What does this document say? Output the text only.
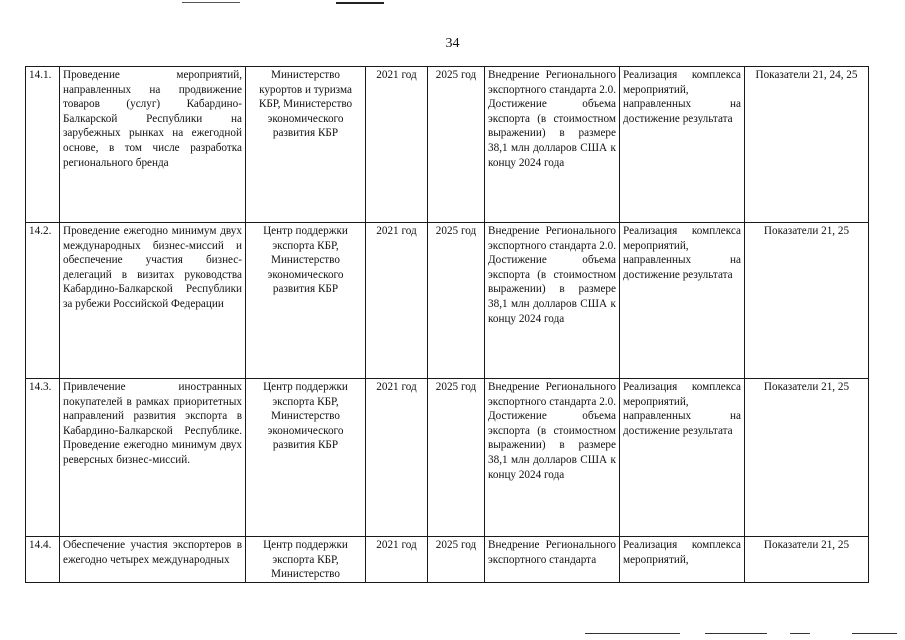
34
14.1.	Проведение мероприятий, направленных на продвижение товаров (услуг) Кабардино-Балкарской Республики на зарубежных рынках на ежегодной основе, в том числе разработка регионального бренда	Министерство курортов и туризма КБР, Министерство экономического развития КБР	2021 год	2025 год	Внедрение Регионального экспортного стандарта 2.0. Достижение объема экспорта (в стоимостном выражении) в размере 38,1 млн долларов США к концу 2024 года	Реализация комплекса мероприятий, направленных на достижение результата	Показатели 21, 24, 25
14.2.	Проведение ежегодно минимум двух международных бизнес-миссий и обеспечение участия бизнес-делегаций в визитах руководства Кабардино-Балкарской Республики за рубежи Российской Федерации	Центр поддержки экспорта КБР, Министерство экономического развития КБР	2021 год	2025 год	Внедрение Регионального экспортного стандарта 2.0. Достижение объема экспорта (в стоимостном выражении) в размере 38,1 млн долларов США к концу 2024 года	Реализация комплекса мероприятий, направленных на достижение результата	Показатели 21, 25
14.3.	Привлечение иностранных покупателей в рамках приоритетных направлений развития экспорта в Кабардино-Балкарской Республике. Проведение ежегодно минимум двух реверсных бизнес-миссий.	Центр поддержки экспорта КБР, Министерство экономического развития КБР	2021 год	2025 год	Внедрение Регионального экспортного стандарта 2.0. Достижение объема экспорта (в стоимостном выражении) в размере 38,1 млн долларов США к концу 2024 года	Реализация комплекса мероприятий, направленных на достижение результата	Показатели 21, 25
14.4.	Обеспечение участия экспортеров в ежегодно четырех международных	Центр поддержки экспорта КБР, Министерство	2021 год	2025 год	Внедрение Регионального экспортного стандарта	Реализация комплекса мероприятий,	Показатели 21, 25
